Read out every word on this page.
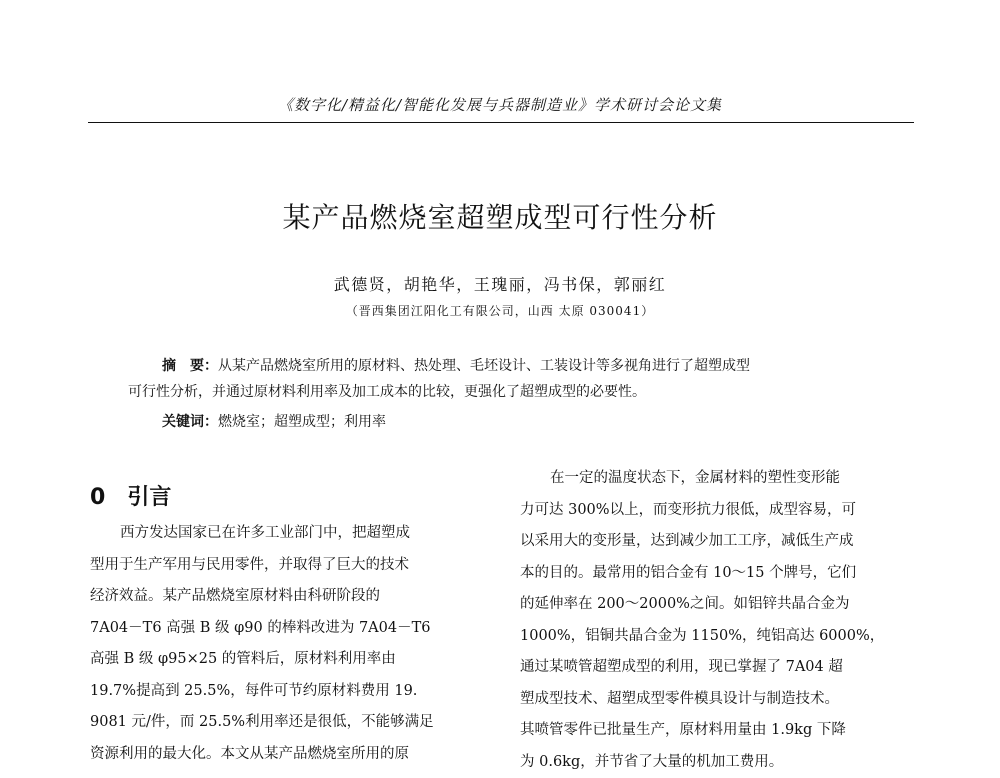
《数字化/精益化/智能化发展与兵器制造业》学术研讨会论文集
某产品燃烧室超塑成型可行性分析
武德贤，胡艳华，王瑰丽，冯书保，郭丽红
（晋西集团江阳化工有限公司，山西 太原 030041）
摘　要：从某产品燃烧室所用的原材料、热处理、毛坯设计、工装设计等多视角进行了超塑成型
可行性分析，并通过原材料利用率及加工成本的比较，更强化了超塑成型的必要性。
关键词：燃烧室；超塑成型；利用率
0 引言
西方发达国家已在许多工业部门中，把超塑成
型用于生产军用与民用零件，并取得了巨大的技术
经济效益。某产品燃烧室原材料由科研阶段的
7A04－T6 高强 B 级 φ90 的棒料改进为 7A04－T6
高强 B 级 φ95×25 的管料后，原材料利用率由
19.7%提高到 25.5%，每件可节约原材料费用 19.
9081 元/件，而 25.5%利用率还是很低，不能够满足
资源利用的最大化。本文从某产品燃烧室所用的原
在一定的温度状态下，金属材料的塑性变形能
力可达 300%以上，而变形抗力很低，成型容易，可
以采用大的变形量，达到减少加工工序，减低生产成
本的目的。最常用的铝合金有 10～15 个牌号，它们
的延伸率在 200～2000%之间。如铝锌共晶合金为
1000%，铝铜共晶合金为 1150%，纯铝高达 6000%，
通过某喷管超塑成型的利用，现已掌握了 7A04 超
塑成型技术、超塑成型零件模具设计与制造技术。
其喷管零件已批量生产，原材料用量由 1.9kg 下降
为 0.6kg，并节省了大量的机加工费用。
